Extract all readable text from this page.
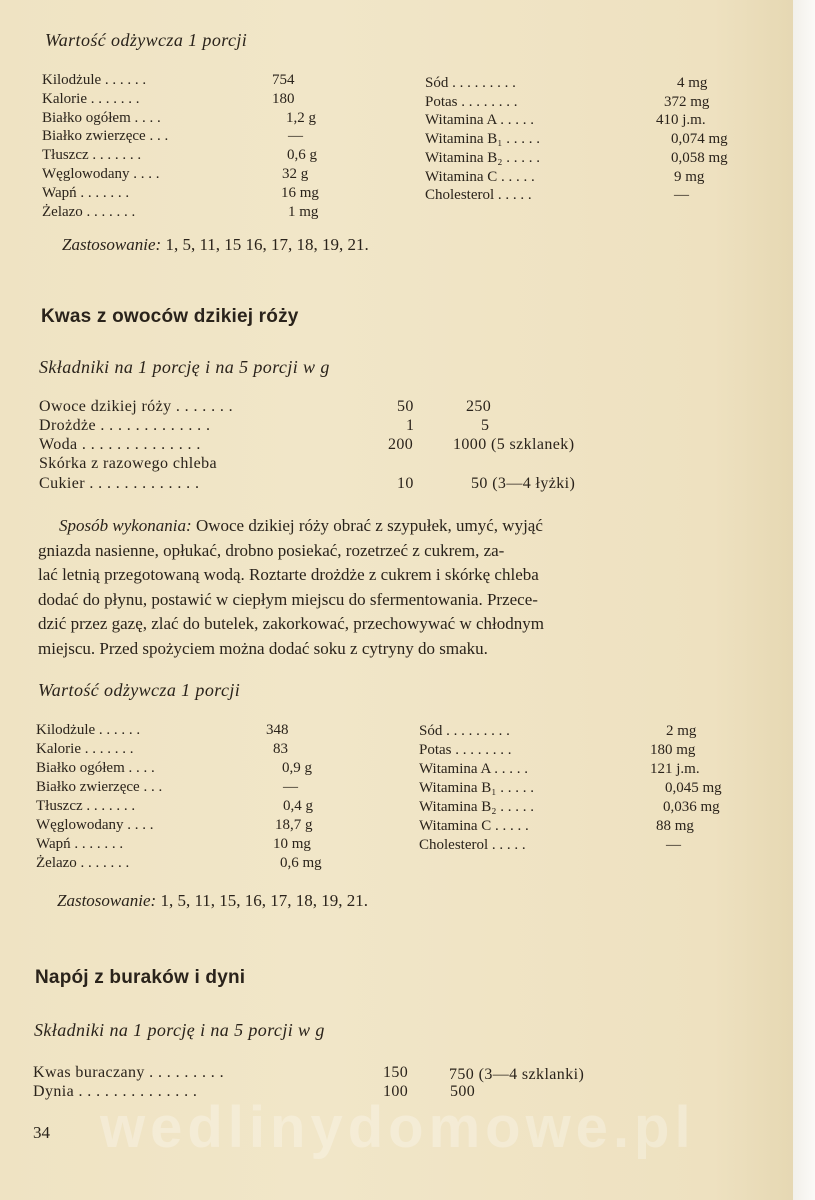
Wartość odżywcza 1 porcji
Kilodżule . . . . . .	754
Kalorie . . . . . . .	180
Białko ogółem . . . .	1,2 g
Białko zwierzęce . . .	—
Tłuszcz . . . . . . .	0,6 g
Węglowodany . . . .	32 g
Wapń . . . . . . .	16 mg
Żelazo . . . . . . .	1 mg
Sód . . . . . . . . .	4 mg
Potas . . . . . . . .	372 mg
Witamina A . . . . .	410 j.m.
Witamina B₁ . . . . .	0,074 mg
Witamina B₂ . . . . .	0,058 mg
Witamina C . . . . .	9 mg
Cholesterol . . . . .	—
Zastosowanie: 1, 5, 11, 15 16, 17, 18, 19, 21.
Kwas z owoców dzikiej róży
Składniki na 1 porcję i na 5 porcji w g
Owoce dzikiej róży . . . . . . .	50	250
Drożdże . . . . . . . . . . . . .	1	5
Woda . . . . . . . . . . . . . .	200 1000 (5 szklanek)
Skórka z razowego chleba
Cukier . . . . . . . . . . . . .	10	50 (3—4 łyżki)
Sposób wykonania: Owoce dzikiej róży obrać z szypułek, umyć, wyjąć
gniazda nasienne, opłukać, drobno posiekać, rozetrzeć z cukrem, za-
lać letnią przegotowaną wodą. Roztarte drożdże z cukrem i skórkę chleba
dodać do płynu, postawić w ciepłym miejscu do sfermentowania. Przece-
dzić przez gazę, zlać do butelek, zakorkować, przechowywać w chłodnym
miejscu. Przed spożyciem można dodać soku z cytryny do smaku.
Wartość odżywcza 1 porcji
Kilodżule . . . . . .	348
Kalorie . . . . . . .	83
Białko ogółem . . . .	0,9 g
Białko zwierzęce . . .	—
Tłuszcz . . . . . . .	0,4 g
Węglowodany . . . .	18,7 g
Wapń . . . . . . .	10 mg
Żelazo . . . . . . .	0,6 mg
Sód . . . . . . . . .	2 mg
Potas . . . . . . . .	180 mg
Witamina A . . . . .	121 j.m.
Witamina B₁ . . . . .	0,045 mg
Witamina B₂ . . . . .	0,036 mg
Witamina C . . . . .	88 mg
Cholesterol . . . . .	—
Zastosowanie: 1, 5, 11, 15, 16, 17, 18, 19, 21.
Napój z buraków i dyni
Składniki na 1 porcję i na 5 porcji w g
Kwas buraczany . . . . . . . . .	150	750 (3—4 szklanki)
Dynia . . . . . . . . . . . . . .	100	500
wedlinydomowe.pl
34
